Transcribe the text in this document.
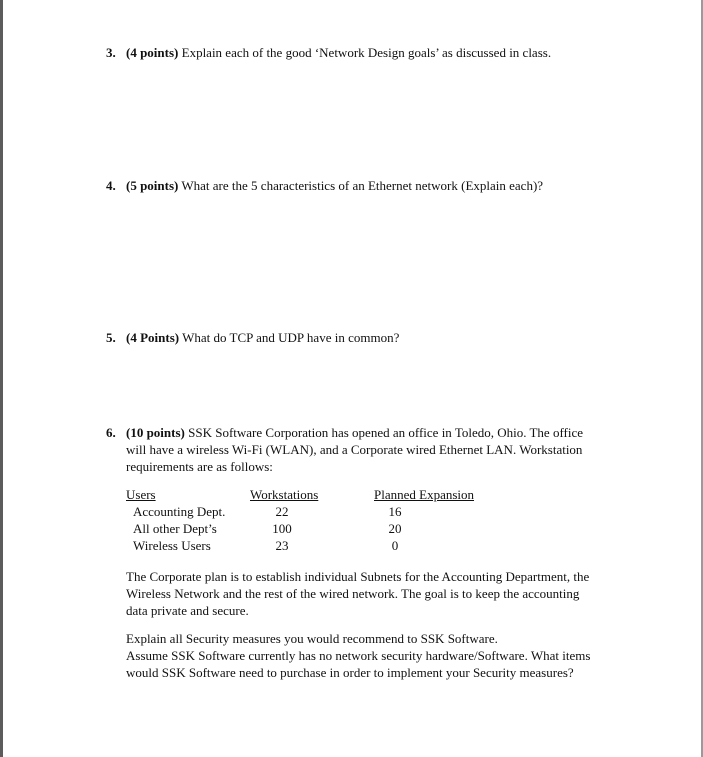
3. (4 points) Explain each of the good ‘Network Design goals’ as discussed in class.
4. (5 points) What are the 5 characteristics of an Ethernet network (Explain each)?
5. (4 Points) What do TCP and UDP have in common?
6. (10 points) SSK Software Corporation has opened an office in Toledo, Ohio. The office
will have a wireless Wi-Fi (WLAN), and a Corporate wired Ethernet LAN. Workstation
requirements are as follows:
Users	Workstations	Planned Expansion
Accounting Dept.	22	16
All other Dept’s	100	20
Wireless Users	23	0
The Corporate plan is to establish individual Subnets for the Accounting Department, the
Wireless Network and the rest of the wired network. The goal is to keep the accounting
data private and secure.
Explain all Security measures you would recommend to SSK Software.
Assume SSK Software currently has no network security hardware/Software. What items
would SSK Software need to purchase in order to implement your Security measures?
